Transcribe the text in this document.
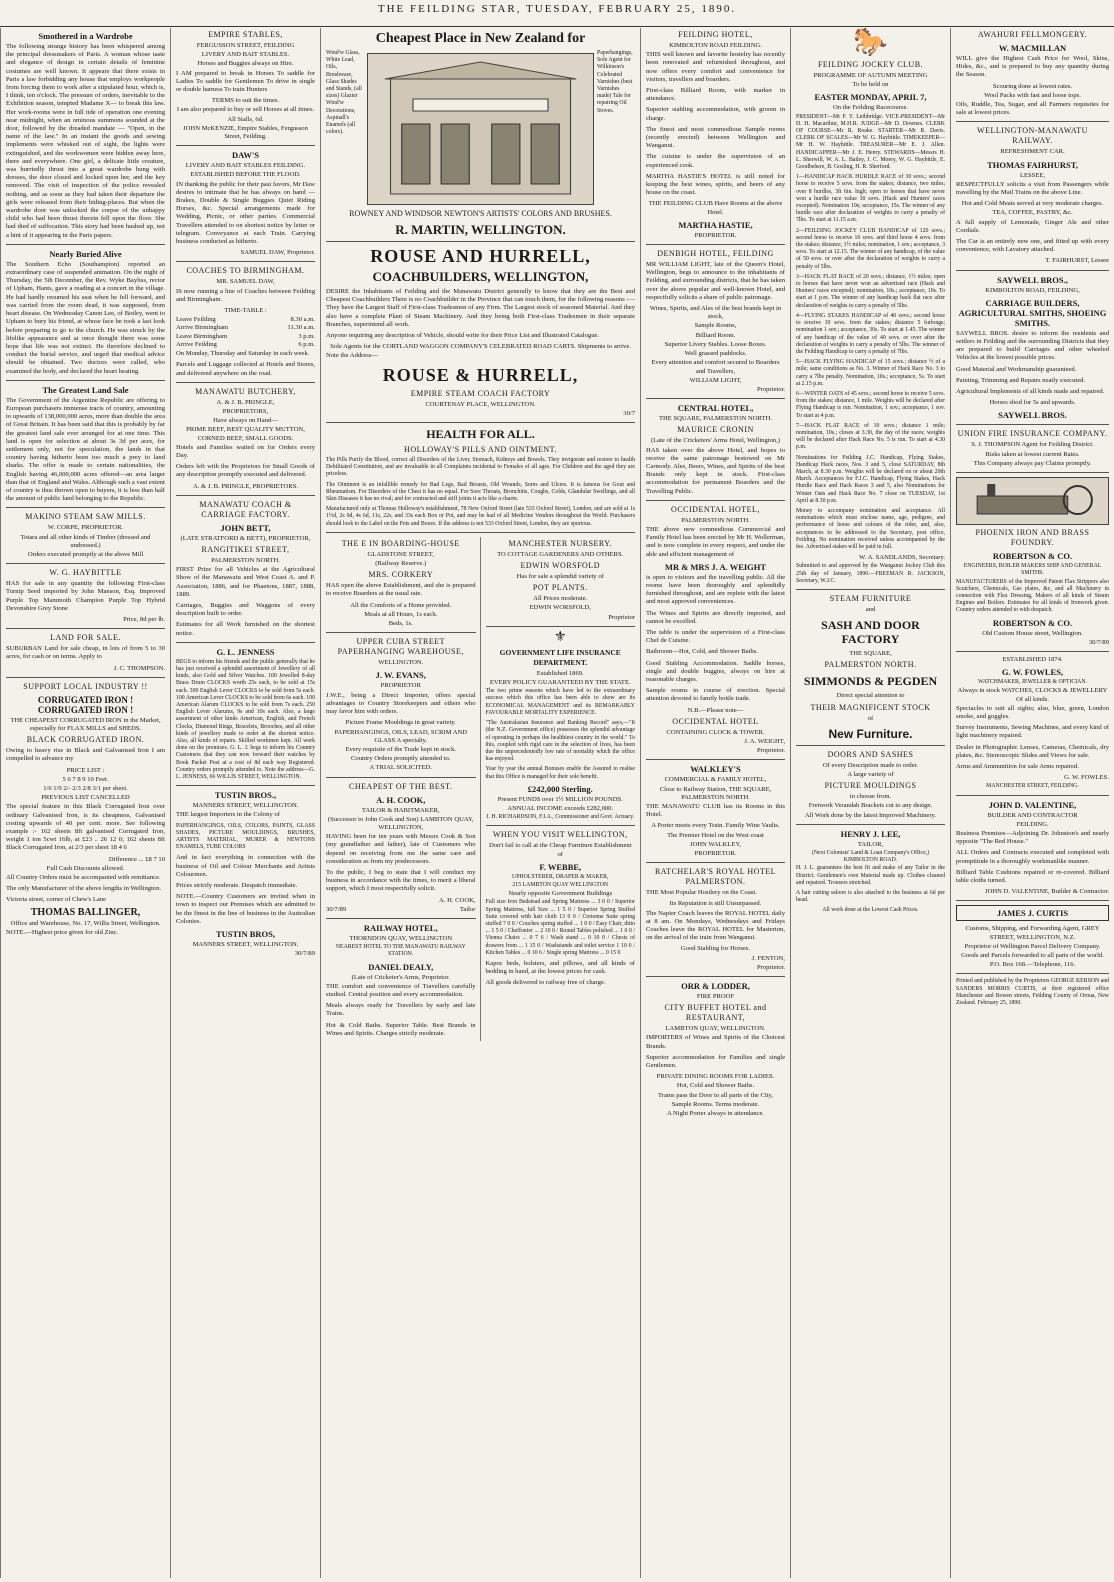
THE FEILDING STAR, TUESDAY, FEBRUARY 25, 1890.
Smothered in a Wardrobe
The following strange history has been whispered among the principal dressmakers of Paris. A woman whose taste and elegance of design in certain details of feminine costumes are well known. It appears that there exists in Paris a law forbidding any house that employs workpeople from forcing them to work after a stipulated hour, which is, I think, ten o'clock. The pressure of orders, inevitable to the Exhibition season, tempted Madame X— to break this law. Her work-rooms were in full tide of operation one evening near midnight, when an ominous summons sounded at the door, followed by the dreaded mandate — "Open, in the name of the law." In an instant the goods and sewing implements were whisked out of sight, the lights were extinguished, and the workwomen were hidden away here, there and everywhere. One girl, a delicate little creature, was hurriedly thrust into a great wardrobe hung with dresses, the door closed and locked upon her, and the key removed. The visit of inspection of the police revealed nothing, and as soon as they had taken their departure the girls were released from their hiding-places. But when the wardrobe door was unlocked the corpse of the unhappy child who had been thrust therein fell upon the floor. She had died of suffocation. This story had been hushed up, not a hint of it appearing in the Paris papers.
Nearly Buried Alive
The Southern Echo (Southampton) reported an extraordinary case of suspended animation. On the night of Thursday, the 5th December, the Rev. Wyke Bayliss, rector of Upham, Hants, gave a reading at a concert in the village. He had hardly resumed his seat when he fell forward, and was carried from the room dead, it was supposed, from heart disease. On Wednesday Canon Lee, of Botley, went to Upham to bury his friend, at whose face he took a last look before preparing to go to the church. He was struck by the lifelike appearance and at once thought there was some hope that life was not extinct. He therefore declined to conduct the burial service, and urged that medical advice should be obtained. Two doctors were called, who examined the body, and declared the heart beating.
The Greatest Land Sale
The Government of the Argentine Republic are offering to European purchasers immense tracts of country, amounting to upwards of 138,000,000 acres, more than double the area of Great Britain. It has been said that this is probably by far the greatest land sale ever arranged for at one time. This land is open for selection at about 3s 3d per acre, for settlement only, not for speculation, the lands in that country having hitherto been too much a prey to land sharks. The offer is made to certain nationalities, the English having 46,000,000 acres offered—an area larger than that of England and Wales. Although such a vast extent of country is thus thrown open to buyers, it is less than half the amount of public land belonging to the Republic.
MAKINO STEAM SAW MILLS.
W. CORPE, PROPRIETOR.
Totara and all other kinds of Timber (dressed and undressed.)
Orders executed promptly at the above Mill
W. G. HAYBITTLE
HAS for sale in any quantity the following First-class Turnip Seed imported by John Manson, Esq. Improved Purple Top Mammoth Champion Purple Top Hybrid Devonshire Grey Stone
Price, 8d per lb.
LAND FOR SALE.
SUBURBAN Land for sale cheap, in lots of from 5 to 30 acres, for cash or on terms. Apply to
J. C. THOMPSON.
SUPPORT LOCAL INDUSTRY !!
CORRUGATED IRON ! CORRUGATED IRON !
THE CHEAPEST CORRUGATED IRON in the Market, especially for FLAX MILLS and SHEDS.
BLACK CORRUGATED IRON.
Owing to heavy rise in Black and Galvanised Iron I am compelled to advance my
PRICE LIST :
5 6 7 8 9 10 Feet.
1/6 1/9 2/- 2/3 2/8 3/1 per sheet.
PREVIOUS LIST CANCELLED
The special feature in this Black Corrugated Iron over ordinary Galvanised Iron, is its cheapness, Galvanised costing upwards of 40 per cent. more. See following example :- 162 sheets 8ft galvanised Corrugated Iron, weight 1 ton 5cwt 16lb, at £23 .. 26 12 0; 162 sheets 8ft Black Corrugated Iron, at 2/3 per sheet 18 4 6
Difference ... £8 7 10
Full Cash Discounts allowed.
All Country Orders must be accompanied with remittance.
The only Manufacturer of the above lengths in Wellington.
Victoria street, corner of Chew's Lane
THOMAS BALLINGER,
Office and Warehouse, No. 17, Willis Street, Wellington.
NOTE.—Highest price given for old Zinc.
EMPIRE STABLES,
FERGUSSON STREET, FEILDING
LIVERY AND BAIT STABLES.
Horses and Buggies always on Hire.
I AM prepared to break in Horses To saddle for Ladies To saddle for Gentlemen To drive in single or double harness To train Hunters
TERMS to suit the times.
I am also prepared to buy or sell Horses at all times.
All Stalls, 6d.
JOHN McKENZIE, Empire Stables, Fergusson Street, Feilding.
DAW'S
LIVERY AND BAIT STABLES FEILDING.
ESTABLISHED BEFORE THE FLOOD.
IN thanking the public for their past favors, Mr Daw desires to intimate that he has always on hand —Brakes, Double & Single Buggies Quiet Riding Horses, &c. Special arrangements made for Wedding, Picnic, or other parties. Commercial Travellers attended to on shortest notice by letter or telegram. Conveyance at each Train. Carrying business conducted as hitherto.
SAMUEL DAW, Proprietor.
COACHES TO BIRMINGHAM.
MR. SAMUEL DAW,
IS now running a line of Coaches between Feilding and Birmingham.
TIME-TABLE :
Leave Feilding	8.30 a.m.
Arrive Birmingham	11.30 a.m.
Leave Birmingham	3 p.m.
Arrive Feilding	6 p.m.
On Monday, Thursday and Saturday in each week.
Parcels and Luggage collected at Hotels and Stores, and delivered anywhere on the road.
MANAWATU BUTCHERY,
A. & J. B. PRINGLE,
PROPRIETORS,
Have always on Hand—
PRIME BEEF, BEST QUALITY MUTTON, CORNED BEEF, SMALL GOODS.
Hotels and Families waited on for Orders every Day.
Orders left with the Proprietors for Small Goods of any description promptly executed and delivered.
A. & J. B. PRINGLE, PROPRIETORS.
MANAWATU COACH & CARRIAGE FACTORY.
JOHN BETT,
(LATE STRATFORD & BETT), PROPRIETOR,
RANGITIKEI STREET,
PALMERSTON NORTH.
FIRST Prize for all Vehicles at the Agricultural Show of the Manawatu and West Coast A. and P. Association, 1886, and for Phaetons, 1887, 1888, 1889.
Carriages, Buggies and Waggons of every description built to order.
Estimates for all Work furnished on the shortest notice.
G. L. JENNESS
BEGS to inform his friends and the public generally that he has just received a splendid assortment of Jewellery of all kinds, also Gold and Silver Watches. 100 Jewelled 8-day Brass Drum CLOCKS worth 25s each, to be sold at 15s each. 300 English Lever CLOCKS to be sold from 5s each. 100 American Lever CLOCKS to be sold from 6s each. 100 American Alarum CLOCKS to be sold from 7s each. 250 English Lever Alarums, 9s and 10s each. Also, a large assortment of other kinds American, English, and French Clocks, Diamond Rings, Bracelets, Brooches, and all other kinds of jewellery made to order at the shortest notice. Also, all kinds of repairs. Skilled workmen kept. All work done on the premises. G. L. J. begs to inform his Country Customers that they can now forward their watches by Book Packet Post at a cost of 8d each way Registered. Country orders promptly attended to. Note the address—G. L. JENNESS, 66 WILLIS STREET, WELLINGTON.
TUSTIN BROS.,
MANNERS STREET, WELLINGTON.
THE largest Importers in the Colony of
PAPERHANGINGS, OILS, COLORS, PAINTS, GLASS SHADES, PICTURE MOULDINGS, BRUSHES, ARTISTS MATERIAL, MURER & NEWTONS ENAMELS, TUBE COLORS
And in fact everything in connection with the business of Oil and Colour Merchants and Artists Colourmen.
Prices strictly moderate. Despatch immediate.
NOTE.—Country Customers are invited when in town to inspect our Premises which are admitted to be the finest in the line of business in the Australian Colonies.
TUSTIN BROS,
MANNERS STREET, WELLINGTON.
30/7/89
Cheapest Place in New Zealand for
Wind'w Glass, White Lead, Oils, Brushware, Glass Shades and Stands, (all sizes) Glazier Wind'w Decorations, Aspinall's Enamels (all colors).
Paperhangings, Sole Agent for Wilkinson's Celebrated Varnishes (best Varnishes made) Tale for repairing Oil Stoves.
ROWNEY AND WINDSOR NEWTON'S ARTISTS' COLORS AND BRUSHES.
R. MARTIN, WELLINGTON.
ROUSE AND HURRELL,
COACHBUILDERS, WELLINGTON,
DESIRE the Inhabitants of Feilding and the Manawatu District generally to know that they are the Best and Cheapest Coachbuilders There is no Coachbuilder in the Province that can touch them, for the following reasons :— They have the Largest Staff of First-class Tradesmen of any Firm. The Largest stock of seasoned Material. And they also have a complete Plant of Steam Machinery. And they being both First-class Tradesmen in their separate Branches, superintend all work.
Anyone requiring any description of Vehicle, should write for their Price List and Illustrated Catalogue.
Sole Agents for the CORTLAND WAGGON COMPANY'S CELEBRATED ROAD CARTS. Shipments to arrive.
Note the Address—
ROUSE & HURRELL,
EMPIRE STEAM COACH FACTORY
COURTENAY PLACE, WELLINGTON.
30/7
HEALTH FOR ALL.
HOLLOWAY'S PILLS AND OINTMENT.
The Pills Purify the Blood, correct all Disorders of the Liver, Stomach, Kidneys and Bowels. They invigorate and restore to health Debilitated Constitution, and are invaluable in all Complaints incidental to Females of all ages. For Children and the aged they are priceless.
The Ointment is an infallible remedy for Bad Legs, Bad Breasts, Old Wounds, Sores and Ulcers. It is famous for Gout and Rheumatism. For Disorders of the Chest it has no equal. For Sore Throats, Bronchitis, Coughs, Colds, Glandular Swellings, and all Skin Diseases it has no rival; and for contracted and stiff joints it acts like a charm.
Manufactured only at Thomas Holloway's establishment, 78 New Oxford Street (late 533 Oxford Street), London, and are sold at 1s 1½d, 2s 9d, 4s 6d, 11s, 22s, and 33s each Box or Pot, and may be had of all Medicine Vendors throughout the World. Purchasers should look to the Label on the Pots and Boxes. If the address is not 533 Oxford Street, London, they are spurious.
THE E IN BOARDING-HOUSE
GLADSTONE STREET,
(Railway Reserve.)
MRS. CORKERY
HAS open the above Establishment, and she is prepared to receive Boarders at the usual rate.
All the Comforts of a Home provided.
Meals at all Hours, 1s each.
Beds, 1s.
UPPER CUBA STREET PAPERHANGING WAREHOUSE,
WELLINGTON.
J. W. EVANS,
PROPRIETOR
J.W.E., being a Direct Importer, offers special advantages to Country Storekeepers and others who may favor him with orders.
Picture Frame Mouldings in great variety.
PAPERHANGINGS, OILS, LEAD, SCRIM AND GLASS A specialty.
Every requisite of the Trade kept in stock.
Country Orders promptly attended to.
A TRIAL SOLICITED.
CHEAPEST OF THE BEST.
A. H. COOK,
TAILOR & HABITMAKER,
(Successor to John Cook and Son) LAMBTON QUAY, WELLINGTON,
HAVING been for ten years with Messrs Cook & Son (my grandfather and father), late of Customers who depend on receiving from me the same care and consideration as from my predecessors.
To the public, I beg to state that I will conduct my business in accordance with the times, to merit a liberal support, which I most respectfully solicit.
A. H. COOK,
30/7/89	Tailor
RAILWAY HOTEL,
THORNDON QUAY, WELLINGTON
NEAREST HOTEL TO THE MANAWATU RAILWAY STATION.
DANIEL DEALY,
(Late of Cricketer's Arms, Proprietor.
THE comfort and convenience of Travellers carefully studied. Central position and every accommodation.
Meals always ready for Travellers by early and late Trains.
Hot & Cold Baths. Superior Table. Best Brands in Wines and Spirits. Charges strictly moderate.
MANCHESTER NURSERY.
TO COTTAGE GARDENERS AND OTHERS.
EDWIN WORSFOLD
Has for sale a splendid variety of
POT PLANTS.
All Prices moderate.
EDWIN WORSFOLD,
Proprietor
⚜
GOVERNMENT LIFE INSURANCE DEPARTMENT.
Established 1869.
EVERY POLICY GUARANTEED BY THE STATE.
The two prime reasons which have led to the extraordinary success which this office has been able to show are its ECONOMICAL MANAGEMENT and its REMARKABLY FAVOURABLE MORTALITY EXPERIENCE.
"The Australasian Insurance and Banking Record" says,—"It (the N.Z. Government office) possesses the splendid advantage of operating in perhaps the healthiest country in the world." To this, coupled with rigid care in the selection of lives, has been due the unprecedentedly low rate of mortality which the office has enjoyed.
Year by year the annual Bonuses enable the Assured to realise that this Office is managed for their sole benefit.
£242,000 Sterling.
Present FUNDS over 1½ MILLION POUNDS.
ANNUAL INCOME exceeds £282,000.
J. H. RICHARDSON, F.I.A., Commissioner and Govt. Actuary.
WHEN YOU VISIT WELLINGTON,
Don't fail to call at the Cheap Furniture Establishment of
F. WEBBE,
UPHOLSTERER, DRAPER & MAKER,
215 LAMBTON QUAY WELLINGTON
Nearly opposite Government Buildings
Full size Iron Bedstead and Spring Mattress ... 3 0 0 / Superior Spring Mattress, full Size ... 1 5 0 / Superior Spring Stuffed Suite covered with hair cloth 13 0 0 / Cretonne Suite spring stuffed 7 0 0 / Couches spring stuffed ... 1 0 0 / Easy Chair, ditto ... 1 5 0 / Cheffonier ... 2 10 0 / Round Tables polished ... 1 0 0 / Vienna Chairs ... 0 7 6 / Wash stand ... 0 10 0 / Chests of drawers from ... 1 15 0 / Washstands and toilet service 1 10 0 / Kitchen Tables ... 0 10 6 / Single spring Mattress ... 0 15 0
Kapoc beds, bolsters, and pillows, and all kinds of bedding in hand, at the lowest prices for cash.
All goods delivered to railway free of charge.
FEILDING HOTEL,
KIMBOLTON ROAD FEILDING.
THIS well known and favorite hostelry has recently been renovated and refurnished throughout, and now offers every comfort and convenience for visitors, travellers and boarders.
First-class Billiard Room, with marker in attendance.
Superior stabling accommodation, with groom in charge.
The finest and most commodious Sample rooms (recently erected) between Wellington and Wanganui.
The cuisine is under the supervision of an experienced cook.
MARTHA HASTIE'S HOTEL is still noted for keeping the best wines, spirits, and beers of any house on the coast.
THE FEILDING CLUB Have Rooms at the above Hotel.
MARTHA HASTIE,
PROPRIETOR.
DENBIGH HOTEL, FEILDING
MR WILLIAM LIGHT, late of the Queen's Hotel, Wellington, begs to announce to the inhabitants of Feilding, and surrounding districts, that he has taken over the above popular and well-known Hotel, and respectfully solicits a share of public patronage.
Wines, Spirits, and Ales of the best brands kept in stock,
Sample Rooms,
Billiard Room.
Superior Livery Stables. Loose Boxes.
Well grassed paddocks.
Every attention and comfort secured to Boarders and Travellers,
WILLIAM LIGHT,
Proprietor.
CENTRAL HOTEL,
THE SQUARE, PALMERSTON NORTH.
MAURICE CRONIN
(Late of the Cricketers' Arms Hotel, Wellington,)
HAS taken over the above Hotel, and hopes to receive the same patronage bestowed on Mr Carmody. Ales, Beers, Wines, and Spirits of the best Brands only kept in stock. First-class accommodation for permanent Boarders and the Travelling Public.
OCCIDENTAL HOTEL,
PALMERSTON NORTH.
THE above new commodious Commercial and Family Hotel has been erected by Mr H. Wollerman, and is now complete in every respect, and under the able and efficient management of
MR & MRS J. A. WEIGHT
is open to visitors and the travelling public. All the rooms have been thoroughly and splendidly furnished throughout, and are replete with the latest and most approved conveniences.
The Wines and Spirits are directly imported, and cannot be excelled.
The table is under the supervision of a First-class Chef de Cuisine.
Bathroom—Hot, Cold, and Shower Baths.
Good Stabling Accommodation. Saddle horses, single and double buggies, always on hire at reasonable charges.
Sample rooms in course of erection. Special attention devoted to family bottle trade.
N.B.—Please note—
OCCIDENTAL HOTEL
CONTAINING CLOCK & TOWER.
J. A. WEIGHT,
Proprietor.
WALKLEY'S
COMMERCIAL & FAMILY HOTEL,
Close to Railway Station, THE SQUARE, PALMERSTON NORTH.
THE MANAWATU CLUB has its Rooms in this Hotel.
A Porter meets every Train. Family Wine Vaults.
The Premier Hotel on the West coast
JOHN WALKLEY,
PROPRIETOR.
RATCHELAR'S ROYAL HOTEL PALMERSTON.
THE Most Popular Hostlery on the Coast.
Its Reputation is still Unsurpassed.
The Napier Coach leaves the ROYAL HOTEL daily at 8 am. On Mondays, Wednesdays and Fridays Coaches leave the ROYAL HOTEL for Masterton, on the arrival of the train from Wanganui.
Good Stabling for Horses.
J. FENTON,
Proprietor.
ORR & LODDER,
FIRE PROOF
CITY BUFFET HOTEL and RESTAURANT,
LAMBTON QUAY, WELLINGTON.
IMPORTERS of Wines and Spirits of the Choicest Brands.
Superior accommodation for Families and single Gentlemen.
PRIVATE DINING ROOMS FOR LADIES.
Hot, Cold and Shower Baths.
Trams pass the Door to all parts of the City,
Sample Rooms. Terms moderate.
A Night Porter always in attendance.
🐎
FEILDING JOCKEY CLUB.
PROGRAMME OF AUTUMN MEETING
To be held on
EASTER MONDAY, APRIL 7,
On the Feilding Racecourse.
PRESIDENT—Mr F. Y. Lethbridge. VICE-PRESIDENT—Mr D. H. Macarthur, M.H.R. JUDGE—Mr D. Downes. CLERK OF COURSE—Mr R. Roake. STARTER—Mr R. Davis. CLERK OF SCALES—Mr W. G. Haybittle. TIMEKEEPER—Mr H. W. Haybittle. TREASURER—Mr E. J. Allen. HANDICAPPER—Mr J. E. Henry. STEWARDS—Messrs H. L. Sherwill, W. A. L. Bailey, J. C. Morey, W. G. Haybittle, E. Goodbehere, B. Gosling, H. R. Sherford.
1—HANDICAP HACK HURDLE RACE of 30 sovs.; second horse to receive 5 sovs. from the stakes; distance, two miles; over 8 hurdles, 3ft 6in. high; open to horses that have never won a hurdle race value 30 sovs. (Hack and Hunters' races excepted). Nomination 10s; acceptance, 15s. The winner of any hurdle race after declaration of weights to carry a penalty of 7lbs. To start at 11.15 a.m.
2—FEILDING JOCKEY CLUB HANDICAP of 120 sovs.; second horse to receive 10 sovs. and third horse 4 sovs. from the stakes; distance, 1½ miles; nomination, 1 sov.; acceptance, 3 sovs. To start at 12.15. The winner of any handicap, of the value of 50 sovs. or over after the declaration of weights to carry a penalty of 5lbs.
3—HACK FLAT RACE of 20 sovs.; distance, 1½ miles; open to horses that have never won an advertised race (Hack and Hunters' races excepted); nomination, 10s.; acceptance, 10s. To start at 1 p.m. The winner of any handicap hack flat race after declaration of weights to carry a penalty of 5lbs.
4—FLYING STAKES HANDICAP of 40 sovs.; second horse to receive 10 sovs. from the stakes; distance 5 furlongs; nomination 1 sov.; acceptance, 30s. To start at 1.45. The winner of any handicap of the value of 40 sovs. or over after the declaration of weights to carry a penalty of 5lbs. The winner of the Feilding Handicap to carry a penalty of 7lbs.
5—HACK FLYING HANDICAP of 15 sovs.; distance ½ of a mile; same conditions as No. 3. Winner of Hack Race No. 3 to carry a 7lbs penalty. Nomination, 10s.; acceptance, 5s. To start at 2.15 p.m.
6—WINTER OATS of 45 sovs.; second horse to receive 5 sovs. from the stakes; distance, 1 mile. Weights will be declared after Flying Handicap is run. Nomination, 1 sov.; acceptance, 1 sov. To start at 4 p.m.
7—HACK FLAT RACE of 10 sovs.; distance 1 mile; nomination, 10s.; closes at 3.30, the day of the races; weights will be declared after Hack Race No. 5 is run. To start at 4.30 p.m.
Nominations for Feilding J.C. Handicap, Flying Stakes, Handicap Hack races, Nos. 3 and 5, close SATURDAY, 8th March, at 8.30 p.m. Weights will be declared on or about 29th March. Acceptances for F.J.C. Handicap, Flying Stakes, Hack Hurdle Race and Hack Races 3 and 5, also Nominations for Winter Oats and Hack Race No. 7 close on TUESDAY, 1st April at 8.30 p.m.
Money to accompany nomination and acceptance. All nominations which must enclose name, age, pedigree, and performance of horse and colours of the rider, and, also, acceptances to be addressed to the Secretary, post office, Feilding. No nomination received unless accompanied by the fee. Advertised stakes will be paid in full.
W. A. SANDLANDS, Secretary.
Submitted to and approved by the Wanganui Jockey Club this 25th day of January, 1890.—FREEMAN R. JACKSON, Secretary, W.J.C.
STEAM FURNITURE
and
SASH AND DOOR FACTORY
THE SQUARE,
PALMERSTON NORTH.
SIMMONDS & PEGDEN
Direct special attention to
THEIR MAGNIFICENT STOCK
of
New Furniture.
DOORS AND SASHES
Of every Description made to order.
A large variety of
PICTURE MOULDINGS
to choose from.
Fretwork Verandah Brackets cut to any design.
All Work done by the latest Improved Machinery.
HENRY J. LEE,
TAILOR,
(Next Colonists' Land & Loan Company's Office,) KIMBOLTON ROAD.
H. J. L. guarantees the best fit and make of any Tailor in the District. Gentlemen's own Material made up. Clothes cleaned and repaired. Trousers stretched.
A hair cutting saloon is also attached to the business at 6d per head.
All work done at the Lowest Cash Prices.
AWAHURI FELLMONGERY.
W. MACMILLAN
WILL give the Highest Cash Price for Wool, Skins, Hides, &c., and is prepared to buy any quantity during the Season.
Scouring done at lowest rates.
Wool Packs with fast and loose tops.
Oils, Ruddle, Tea, Sugar, and all Farmers requisites for sale at lowest prices.
WELLINGTON-MANAWATU RAILWAY.
REFRESHMENT CAR.
THOMAS FAIRHURST,
LESSEE,
RESPECTFULLY solicits a visit from Passengers while travelling by the Mail Trains on the above Line.
Hot and Cold Meats served at very moderate charges.
TEA, COFFEE, PASTRY, &c.
A full supply of Lemonade, Ginger Ale and other Cordials.
The Car is an entirely new one, and fitted up with every convenience, with Lavatory attached.
T. FAIRHURST, Lessee
SAYWELL BROS.,
KIMBOLTON ROAD, FEILDING,
CARRIAGE BUILDERS, AGRICULTURAL SMITHS, SHOEING SMITHS.
SAYWELL BROS. desire to inform the residents and settlers in Feilding and the surrounding Districts that they are prepared to build Carriages and other wheeled Vehicles at the lowest possible prices.
Good Material and Workmanship guaranteed.
Painting, Trimming and Repairs neatly executed.
Agricultural Implements of all kinds made and repaired.
Horses shod for 5s and upwards.
SAYWELL BROS.
UNION FIRE INSURANCE COMPANY.
S. J. THOMPSON Agent for Feilding District.
Risks taken at lowest current Rates.
This Company always pay Claims promptly.
PHOENIX IRON AND BRASS FOUNDRY.
ROBERTSON & CO.
ENGINEERS, BOILER MAKERS SHIP AND GENERAL SMITHS.
MANUFACTURERS of the Improved Patent Flax Strippers also Scutchers, Chemicals, Gas plates, &c, and all Machinery in connection with Flax Dressing, Makers of all kinds of Steam Engines and Boilers. Estimates for all kinds of Ironwork given. Country orders attended to with despatch.
ROBERTSON & CO.
Old Custom House street, Wellington.
30/7/89
ESTABLISHED 1874.
G. W. FOWLES,
WATCHMAKER, JEWELLER & OPTICIAN.
Always in stock WATCHES, CLOCKS & JEWELLERY Of all kinds.
Spectacles to suit all sights; also, blue, green, London smoke, and goggles.
Survey Instruments, Sewing Machines, and every kind of light machinery repaired.
Dealer in Photographic Lenses, Cameras, Chemicals, dry plates, &c. Stereoscopic Slides and Views for sale.
Arms and Ammunition for sale Arms repaired.
G. W. FOWLES.
MANCHESTER STREET, FEILDING.
JOHN D. VALENTINE,
BUILDER AND CONTRACTOR
FEILDING.
Business Premises—Adjoining Dr. Johnston's and nearly opposite "The Red House."
ALL Orders and Contracts executed and completed with promptitude in a thoroughly workmanlike manner.
Billiard Table Cushions repaired or re-covered. Billiard table cloths turned.
JOHN D. VALENTINE, Builder & Contractor.
JAMES J. CURTIS
Customs, Shipping, and Forwarding Agent, GREY STREET, WELLINGTON, N.Z.
Proprietor of Wellington Parcel Delivery Company.
Goods and Parcels forwarded to all parts of the world.
P.O. Box 168.—Telephone, 116.
Printed and published by the Proprietors GEORGE KERSON and SANDERS MORRIS CURTIS, at their registered office Manchester and Bowen streets, Feilding County of Oroua, New Zealand. February 25, 1890.
